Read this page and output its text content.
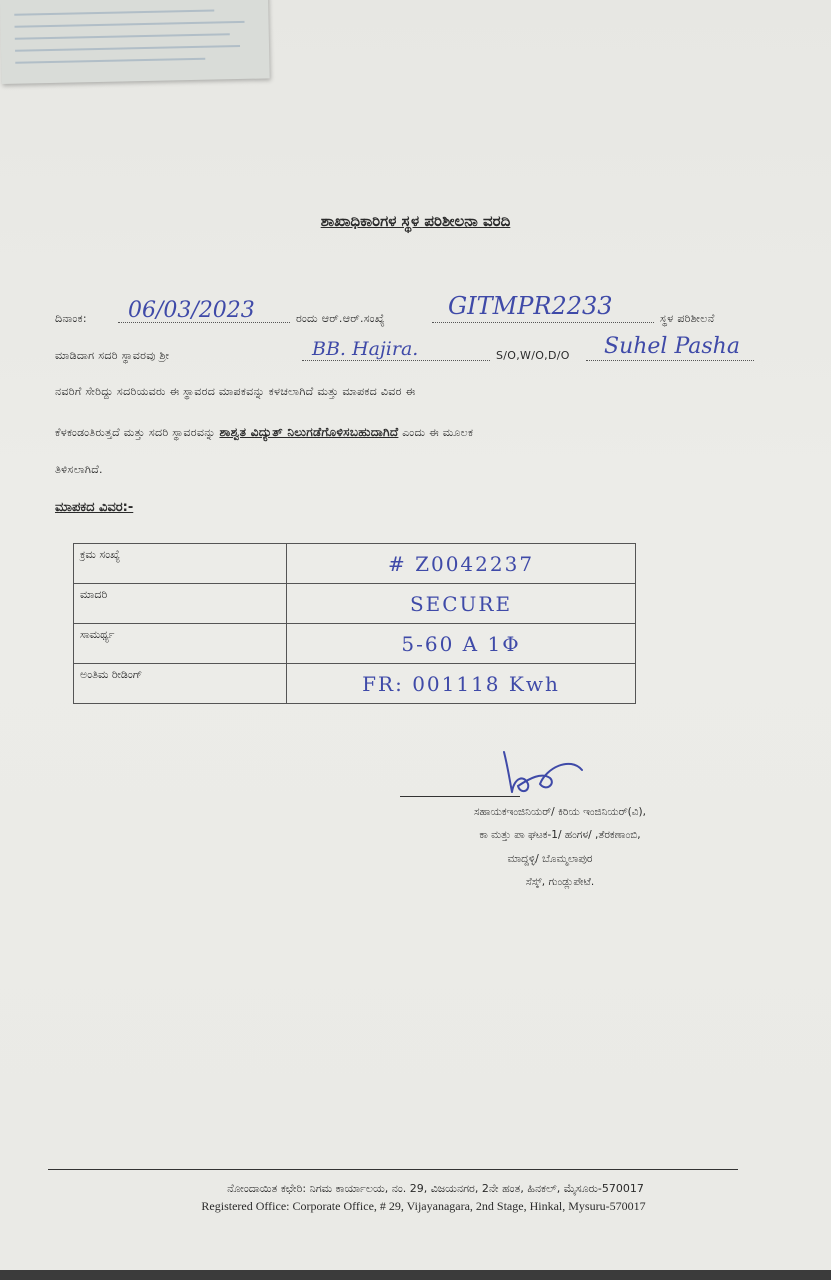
ಶಾಖಾಧಿಕಾರಿಗಳ ಸ್ಥಳ ಪರಿಶೀಲನಾ ವರದಿ
ದಿನಾಂಕ:	06/03/2023	ರಂದು ಆರ್.ಆರ್.ಸಂಖ್ಯೆ	GITMPR2233	ಸ್ಥಳ ಪರಿಶೀಲನೆ
ಮಾಡಿದಾಗ ಸದರಿ ಸ್ಥಾವರವು ಶ್ರೀ	BB. Hajira.	S/O,W/O,D/O Suhel Pasha
ನವರಿಗೆ ಸೇರಿದ್ದು ಸದರಿಯವರು ಈ ಸ್ಥಾವರದ ಮಾಪಕವನ್ನು ಕಳಚಲಾಗಿದೆ ಮತ್ತು ಮಾಪಕದ ವಿವರ ಈ
ಕೆಳಕಂಡಂತಿರುತ್ತದೆ ಮತ್ತು ಸದರಿ ಸ್ಥಾವರವನ್ನು ಶಾಶ್ವತ ವಿದ್ಯುತ್ ನಿಲುಗಡೆಗೊಳಿಸಬಹುದಾಗಿದೆ ಎಂದು ಈ ಮೂಲಕ
ತಿಳಿಸಲಾಗಿದೆ.
ಮಾಪಕದ ವಿವರ:-
ಕ್ರಮ ಸಂಖ್ಯೆ	# Z0042237
ಮಾದರಿ	SECURE
ಸಾಮರ್ಥ್ಯ	5-60 A 1Φ
ಅಂತಿಮ ರೀಡಿಂಗ್	FR: 001118 Kwh
ಸಹಾಯಕಇಂಜಿನಿಯರ್/ ಕಿರಿಯ ಇಂಜಿನಿಯರ್(ವಿ),
ಕಾ ಮತ್ತು ಪಾ ಘಟಕ-1/ ಹಂಗಳ/ ,ತೆರಕಣಾಂಬಿ,
ಮಾದ್ದಳ್ಳಿ/ ಬೊಮ್ಮಲಾಪುರ
ಸೆಸ್ಕ್, ಗುಂಡ್ಲುಪೇಟೆ.
ನೋಂದಾಯಿತ ಕಛೇರಿ: ನಿಗಮ ಕಾರ್ಯಾಲಯ, ನಂ. 29, ವಿಜಯನಗರ, 2ನೇ ಹಂತ, ಹಿನಕಲ್, ಮೈಸೂರು-570017
Registered Office: Corporate Office, # 29, Vijayanagara, 2nd Stage, Hinkal, Mysuru-570017
